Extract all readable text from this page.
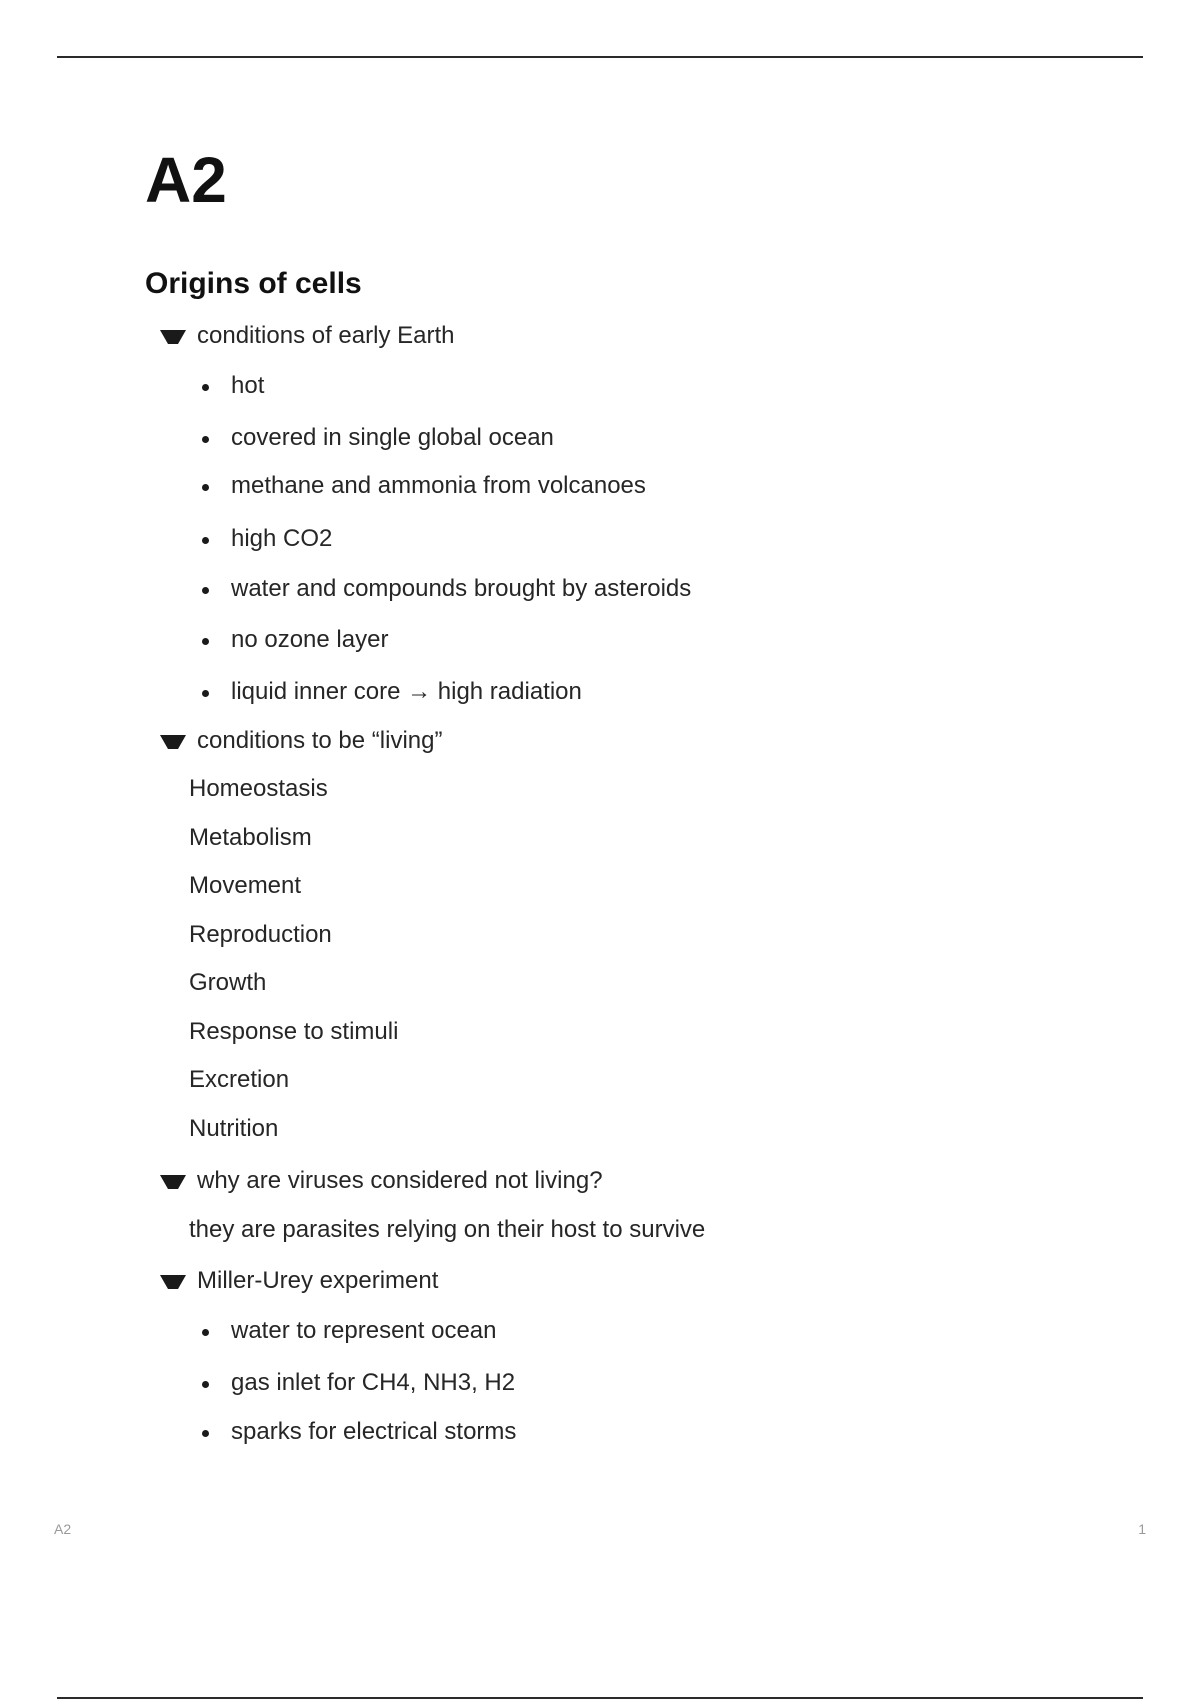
A2
Origins of cells
conditions of early Earth
hot
covered in single global ocean
methane and ammonia from volcanoes
high CO2
water and compounds brought by asteroids
no ozone layer
liquid inner core → high radiation
conditions to be “living”
Homeostasis
Metabolism
Movement
Reproduction
Growth
Response to stimuli
Excretion
Nutrition
why are viruses considered not living?
they are parasites relying on their host to survive
Miller-Urey experiment
water to represent ocean
gas inlet for CH4, NH3, H2
sparks for electrical storms
A2	1
